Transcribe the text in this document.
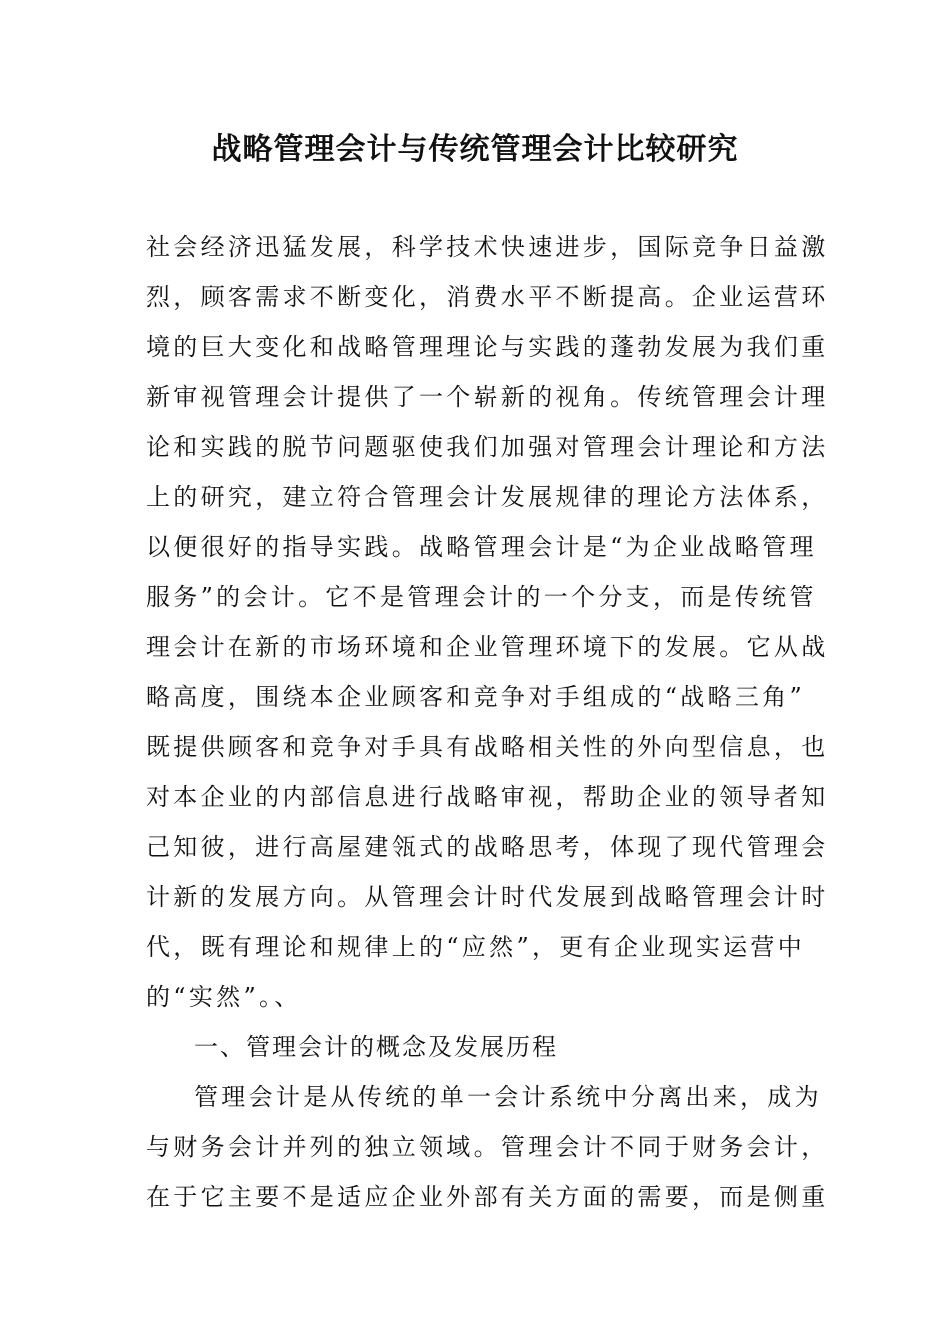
战略管理会计与传统管理会计比较研究
社会经济迅猛发展，科学技术快速进步，国际竞争日益激
烈，顾客需求不断变化，消费水平不断提高。企业运营环
境的巨大变化和战略管理理论与实践的蓬勃发展为我们重
新审视管理会计提供了一个崭新的视角。传统管理会计理
论和实践的脱节问题驱使我们加强对管理会计理论和方法
上的研究，建立符合管理会计发展规律的理论方法体系，
以便很好的指导实践。战略管理会计是“为企业战略管理
服务”的会计。它不是管理会计的一个分支，而是传统管
理会计在新的市场环境和企业管理环境下的发展。它从战
略高度，围绕本企业顾客和竞争对手组成的“战略三角”
既提供顾客和竞争对手具有战略相关性的外向型信息，也
对本企业的内部信息进行战略审视，帮助企业的领导者知
己知彼，进行高屋建瓴式的战略思考，体现了现代管理会
计新的发展方向。从管理会计时代发展到战略管理会计时
代，既有理论和规律上的“应然”，更有企业现实运营中
的“实然”。、
一、管理会计的概念及发展历程
管理会计是从传统的单一会计系统中分离出来，成为
与财务会计并列的独立领域。管理会计不同于财务会计，
在于它主要不是适应企业外部有关方面的需要，而是侧重
